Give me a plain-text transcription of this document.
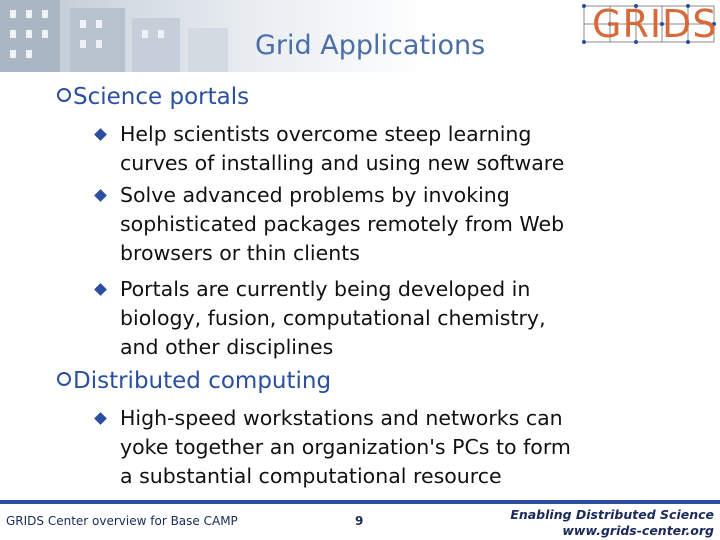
Grid Applications	GRIDS
Science portals
Help scientists overcome steep learning
curves of installing and using new software
Solve advanced problems by invoking
sophisticated packages remotely from Web
browsers or thin clients
Portals are currently being developed in
biology, fusion, computational chemistry,
and other disciplines
Distributed computing
High-speed workstations and networks can
yoke together an organization's PCs to form
a substantial computational resource
GRIDS Center overview for Base CAMP	9	Enabling Distributed Science
www.grids-center.org
